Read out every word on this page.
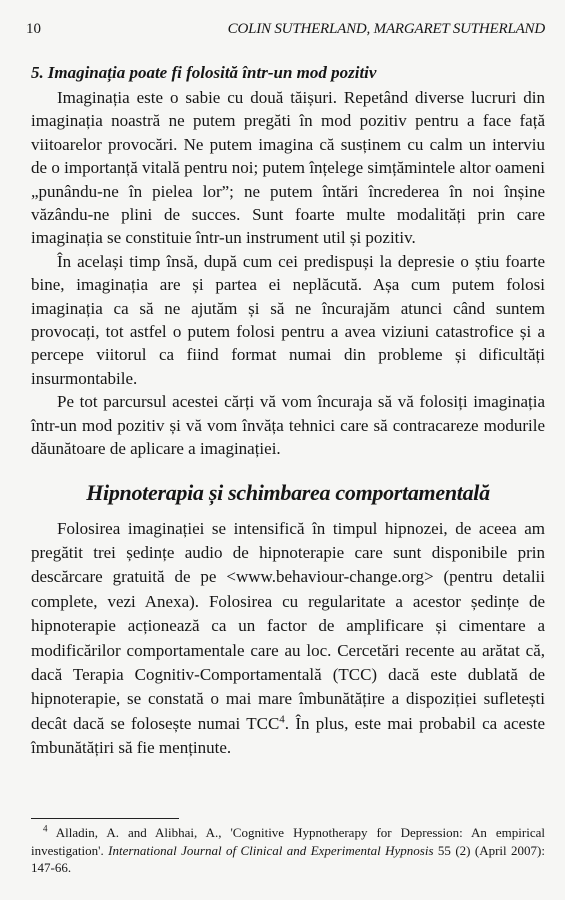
10	COLIN SUTHERLAND, MARGARET SUTHERLAND
5. Imaginația poate fi folosită într-un mod pozitiv

Imaginația este o sabie cu două tăișuri. Repetând diverse lucruri din imaginația noastră ne putem pregăti în mod pozitiv pentru a face față viitoarelor provocări. Ne putem imagina că susținem cu calm un interviu de o importanță vitală pentru noi; putem înțelege simțămintele altor oameni „punându-ne în pielea lor”; ne putem întări încrederea în noi înșine văzându-ne plini de succes. Sunt foarte multe modalități prin care imaginația se constituie într-un instrument util și pozitiv.

În același timp însă, după cum cei predispuși la depresie o știu foarte bine, imaginația are și partea ei neplăcută. Așa cum putem folosi imaginația ca să ne ajutăm și să ne încurajăm atunci când suntem provocați, tot astfel o putem folosi pentru a avea viziuni catastrofice și a percepe viitorul ca fiind format numai din probleme și dificultăți insurmontabile.

Pe tot parcursul acestei cărți vă vom încuraja să vă folosiți imaginația într-un mod pozitiv și vă vom învăța tehnici care să contracareze modurile dăunătoare de aplicare a imaginației.

Hipnoterapia și schimbarea comportamentală

Folosirea imaginației se intensifică în timpul hipnozei, de aceea am pregătit trei ședințe audio de hipnoterapie care sunt disponibile prin descărcare gratuită de pe <www.behaviour-change.org> (pentru detalii complete, vezi Anexa). Folosirea cu regularitate a acestor ședințe de hipnoterapie acționează ca un factor de amplificare și cimentare a modificărilor comportamentale care au loc. Cercetări recente au arătat că, dacă Terapia Cognitiv-Comportamentală (TCC) dacă este dublată de hipnoterapie, se constată o mai mare îmbunătățire a dispoziției sufletești decât dacă se folosește numai TCC$^4$. În plus, este mai probabil ca aceste îmbunătățiri să fie menținute.

$^4$ Alladin, A. and Alibhai, A., 'Cognitive Hypnotherapy for Depression: An empirical investigation'. International Journal of Clinical and Experimental Hypnosis 55 (2) (April 2007): 147-66.
